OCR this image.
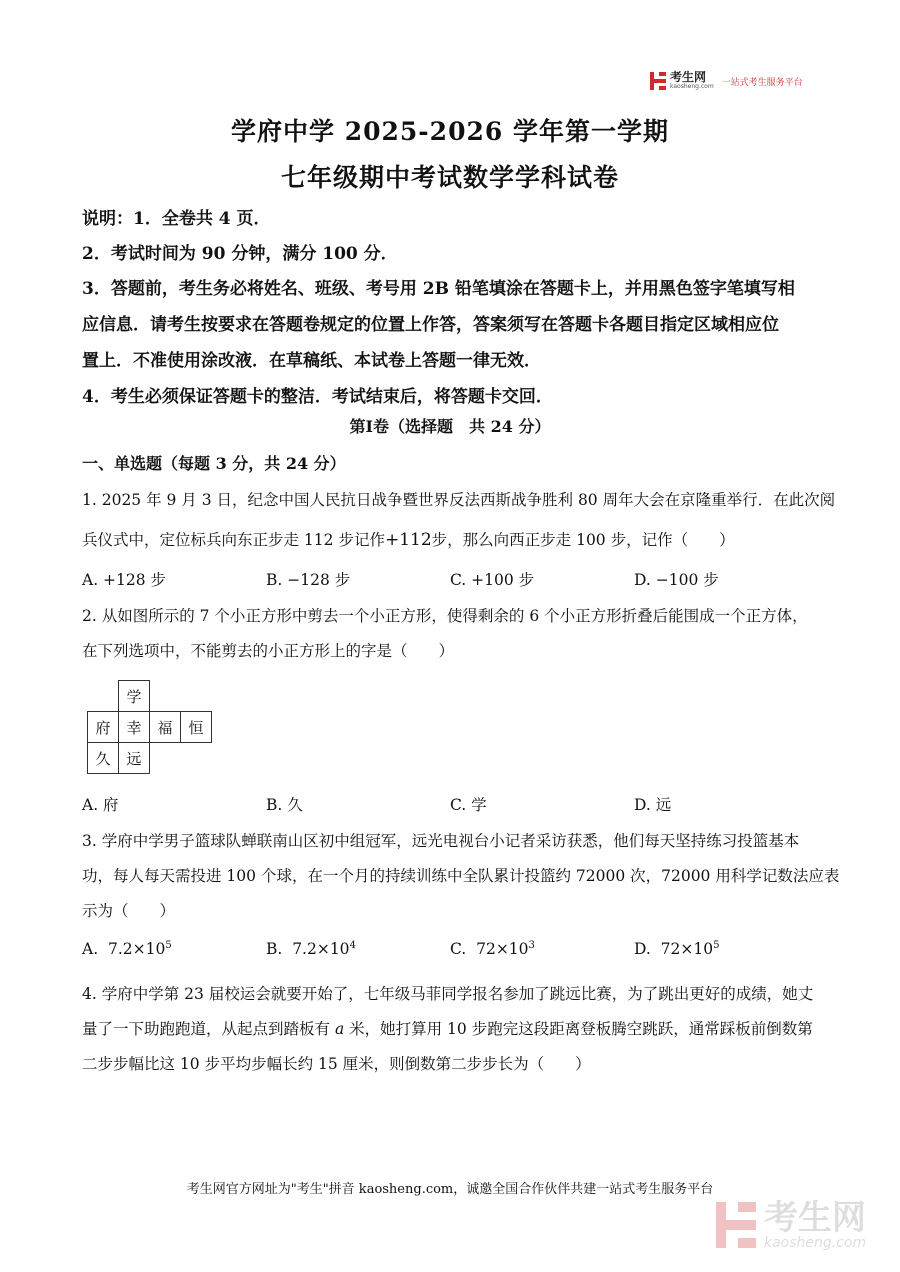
考生网
kaosheng.com 一站式考生服务平台
学府中学 2025-2026 学年第一学期
七年级期中考试数学学科试卷
说明：1．全卷共 4 页．
2．考试时间为 90 分钟，满分 100 分．
3．答题前，考生务必将姓名、班级、考号用 2B 铅笔填涂在答题卡上，并用黑色签字笔填写相
应信息．请考生按要求在答题卷规定的位置上作答，答案须写在答题卡各题目指定区域相应位
置上．不准使用涂改液．在草稿纸、本试卷上答题一律无效．
4．考生必须保证答题卡的整洁．考试结束后，将答题卡交回．
第Ⅰ卷（选择题　共 24 分）
一、单选题（每题 3 分，共 24 分）
1. 2025 年 9 月 3 日，纪念中国人民抗日战争暨世界反法西斯战争胜利 80 周年大会在京隆重举行．在此次阅
兵仪式中，定位标兵向东正步走 112 步记作+112步，那么向西正步走 100 步，记作（　　）
A. +128 步	B. −128 步	C. +100 步	D. −100 步
2. 从如图所示的 7 个小正方形中剪去一个小正方形，使得剩余的 6 个小正方形折叠后能围成一个正方体，
在下列选项中，不能剪去的小正方形上的字是（　　）
	学		
府	幸	福	恒
久	远		
A. 府	B. 久	C. 学	D. 远
3. 学府中学男子篮球队蝉联南山区初中组冠军，远光电视台小记者采访获悉，他们每天坚持练习投篮基本
功，每人每天需投进 100 个球，在一个月的持续训练中全队累计投篮约 72000 次，72000 用科学记数法应表
示为（　　）
A. $7.2\times 10^5$	B. $7.2\times 10^4$	C. $72\times 10^3$	D. $72\times 10^5$
4. 学府中学第 23 届校运会就要开始了，七年级马菲同学报名参加了跳远比赛，为了跳出更好的成绩，她丈
量了一下助跑跑道，从起点到踏板有 a 米，她打算用 10 步跑完这段距离登板腾空跳跃，通常踩板前倒数第
二步步幅比这 10 步平均步幅长约 15 厘米，则倒数第二步步长为（　　）
考生网官方网址为"考生"拼音 kaosheng.com，诚邀全国合作伙伴共建一站式考生服务平台
考生网
kaosheng.com
